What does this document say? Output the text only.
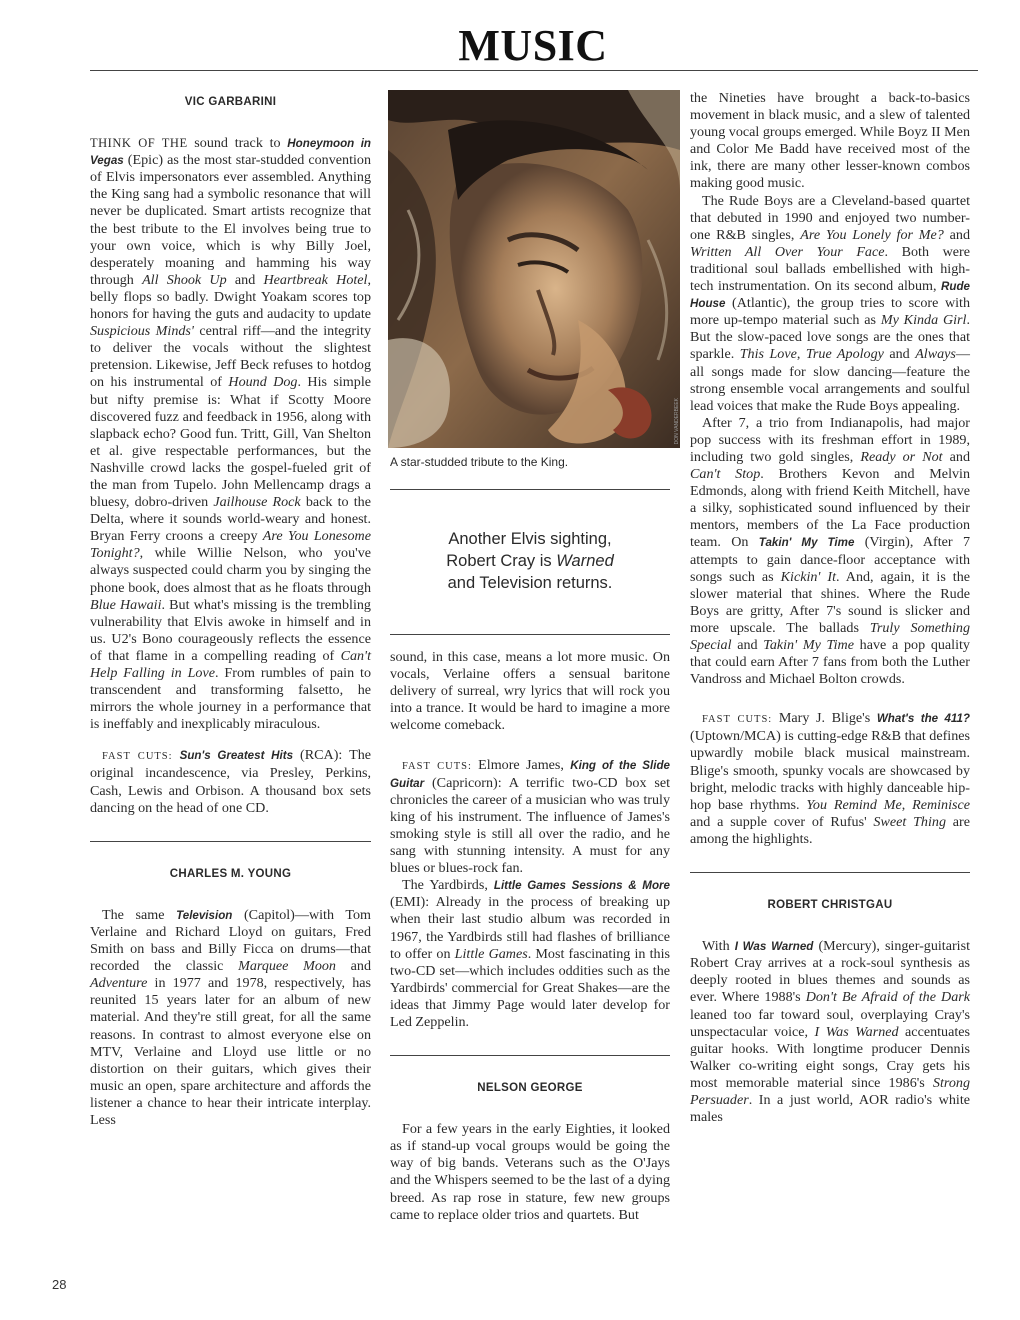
MUSIC
VIC GARBARINI

THINK OF THE sound track to Honeymoon in Vegas (Epic) as the most star-studded convention of Elvis impersonators ever assembled. Anything the King sang had a symbolic resonance that will never be duplicated. Smart artists recognize that the best tribute to the El involves being true to your own voice, which is why Billy Joel, desperately moaning and hamming his way through All Shook Up and Heartbreak Hotel, belly flops so badly. Dwight Yoakam scores top honors for having the guts and audacity to update Suspicious Minds' central riff—and the integrity to deliver the vocals without the slightest pretension. Likewise, Jeff Beck refuses to hotdog on his instrumental of Hound Dog. His simple but nifty premise is: What if Scotty Moore discovered fuzz and feedback in 1956, along with slapback echo? Good fun. Tritt, Gill, Van Shelton et al. give respectable performances, but the Nashville crowd lacks the gospel-fueled grit of the man from Tupelo. John Mellencamp drags a bluesy, dobro-driven Jailhouse Rock back to the Delta, where it sounds world-weary and honest. Bryan Ferry croons a creepy Are You Lonesome Tonight?, while Willie Nelson, who you've always suspected could charm you by singing the phone book, does almost that as he floats through Blue Hawaii. But what's missing is the trembling vulnerability that Elvis awoke in himself and in us. U2's Bono courageously reflects the essence of that flame in a compelling reading of Can't Help Falling in Love. From rumbles of pain to transcendent and transforming falsetto, he mirrors the whole journey in a performance that is ineffably and inexplicably miraculous.

FAST CUTS: Sun's Greatest Hits (RCA): The original incandescence, via Presley, Perkins, Cash, Lewis and Orbison. A thousand box sets dancing on the head of one CD.

CHARLES M. YOUNG

The same Television (Capitol)—with Tom Verlaine and Richard Lloyd on guitars, Fred Smith on bass and Billy Ficca on drums—that recorded the classic Marquee Moon and Adventure in 1977 and 1978, respectively, has reunited 15 years later for an album of new material. And they're still great, for all the same reasons. In contrast to almost everyone else on MTV, Verlaine and Lloyd use little or no distortion on their guitars, which gives their music an open, spare architecture and affords the listener a chance to hear their intricate interplay. Less

DON VANDERBEEK
A star-studded tribute to the King.
Another Elvis sighting,
Robert Cray is Warned
and Television returns.

sound, in this case, means a lot more music. On vocals, Verlaine offers a sensual baritone delivery of surreal, wry lyrics that will rock you into a trance. It would be hard to imagine a more welcome comeback.

FAST CUTS: Elmore James, King of the Slide Guitar (Capricorn): A terrific two-CD box set chronicles the career of a musician who was truly king of his instrument. The influence of James's smoking style is still all over the radio, and he sang with stunning intensity. A must for any blues or blues-rock fan.

The Yardbirds, Little Games Sessions & More (EMI): Already in the process of breaking up when their last studio album was recorded in 1967, the Yardbirds still had flashes of brilliance to offer on Little Games. Most fascinating in this two-CD set—which includes oddities such as the Yardbirds' commercial for Great Shakes—are the ideas that Jimmy Page would later develop for Led Zeppelin.

NELSON GEORGE

For a few years in the early Eighties, it looked as if stand-up vocal groups would be going the way of big bands. Veterans such as the O'Jays and the Whispers seemed to be the last of a dying breed. As rap rose in stature, few new groups came to replace older trios and quartets. But

the Nineties have brought a back-to-basics movement in black music, and a slew of talented young vocal groups emerged. While Boyz II Men and Color Me Badd have received most of the ink, there are many other lesser-known combos making good music.

The Rude Boys are a Cleveland-based quartet that debuted in 1990 and enjoyed two number-one R&B singles, Are You Lonely for Me? and Written All Over Your Face. Both were traditional soul ballads embellished with high-tech instrumentation. On its second album, Rude House (Atlantic), the group tries to score with more up-tempo material such as My Kinda Girl. But the slow-paced love songs are the ones that sparkle. This Love, True Apology and Always—all songs made for slow dancing—feature the strong ensemble vocal arrangements and soulful lead voices that make the Rude Boys appealing.

After 7, a trio from Indianapolis, had major pop success with its freshman effort in 1989, including two gold singles, Ready or Not and Can't Stop. Brothers Kevon and Melvin Edmonds, along with friend Keith Mitchell, have a silky, sophisticated sound influenced by their mentors, members of the La Face production team. On Takin' My Time (Virgin), After 7 attempts to gain dance-floor acceptance with songs such as Kickin' It. And, again, it is the slower material that shines. Where the Rude Boys are gritty, After 7's sound is slicker and more upscale. The ballads Truly Something Special and Takin' My Time have a pop quality that could earn After 7 fans from both the Luther Vandross and Michael Bolton crowds.

FAST CUTS: Mary J. Blige's What's the 411? (Uptown/MCA) is cutting-edge R&B that defines upwardly mobile black musical mainstream. Blige's smooth, spunky vocals are showcased by bright, melodic tracks with highly danceable hip-hop base rhythms. You Remind Me, Reminisce and a supple cover of Rufus' Sweet Thing are among the highlights.

ROBERT CHRISTGAU

With I Was Warned (Mercury), singer-guitarist Robert Cray arrives at a rock-soul synthesis as deeply rooted in blues themes and sounds as ever. Where 1988's Don't Be Afraid of the Dark leaned too far toward soul, overplaying Cray's unspectacular voice, I Was Warned accentuates guitar hooks. With longtime producer Dennis Walker co-writing eight songs, Cray gets his most memorable material since 1986's Strong Persuader. In a just world, AOR radio's white males

28
